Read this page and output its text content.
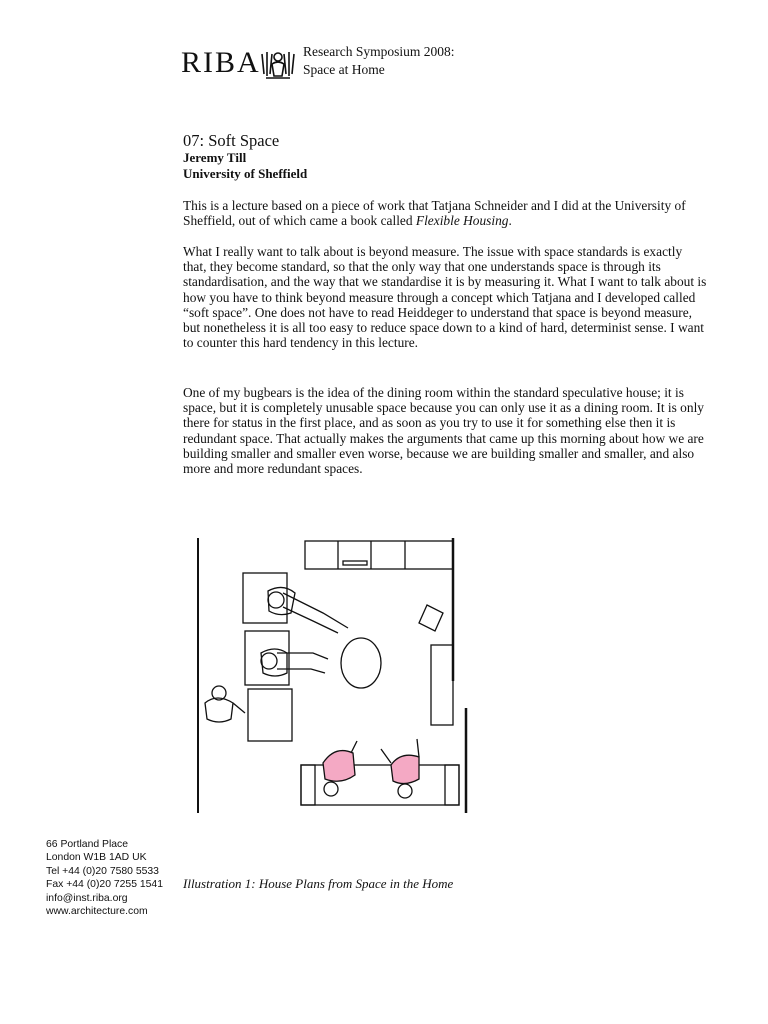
RIBA	Research Symposium 2008:
Space at Home
07: Soft Space
Jeremy Till
University of Sheffield

This is a lecture based on a piece of work that Tatjana Schneider and I did at the University of Sheffield, out of which came a book called Flexible Housing.

What I really want to talk about is beyond measure. The issue with space standards is exactly that, they become standard, so that the only way that one understands space is through its standardisation, and the way that we standardise it is by measuring it. What I want to talk about is how you have to think beyond measure through a concept which Tatjana and I developed called “soft space”. One does not have to read Heiddeger to understand that space is beyond measure, but nonetheless it is all too easy to reduce space down to a kind of hard, determinist sense. I want to counter this hard tendency in this lecture.

One of my bugbears is the idea of the dining room within the standard speculative house; it is space, but it is completely unusable space because you can only use it as a dining room. It is only there for status in the first place, and as soon as you try to use it for something else then it is redundant space. That actually makes the arguments that came up this morning about how we are building smaller and smaller even worse, because we are building smaller and smaller, and also more and more redundant spaces.

Illustration 1: House Plans from Space in the Home
66 Portland Place
London W1B 1AD UK
Tel +44 (0)20 7580 5533
Fax +44 (0)20 7255 1541
info@inst.riba.org
www.architecture.com
